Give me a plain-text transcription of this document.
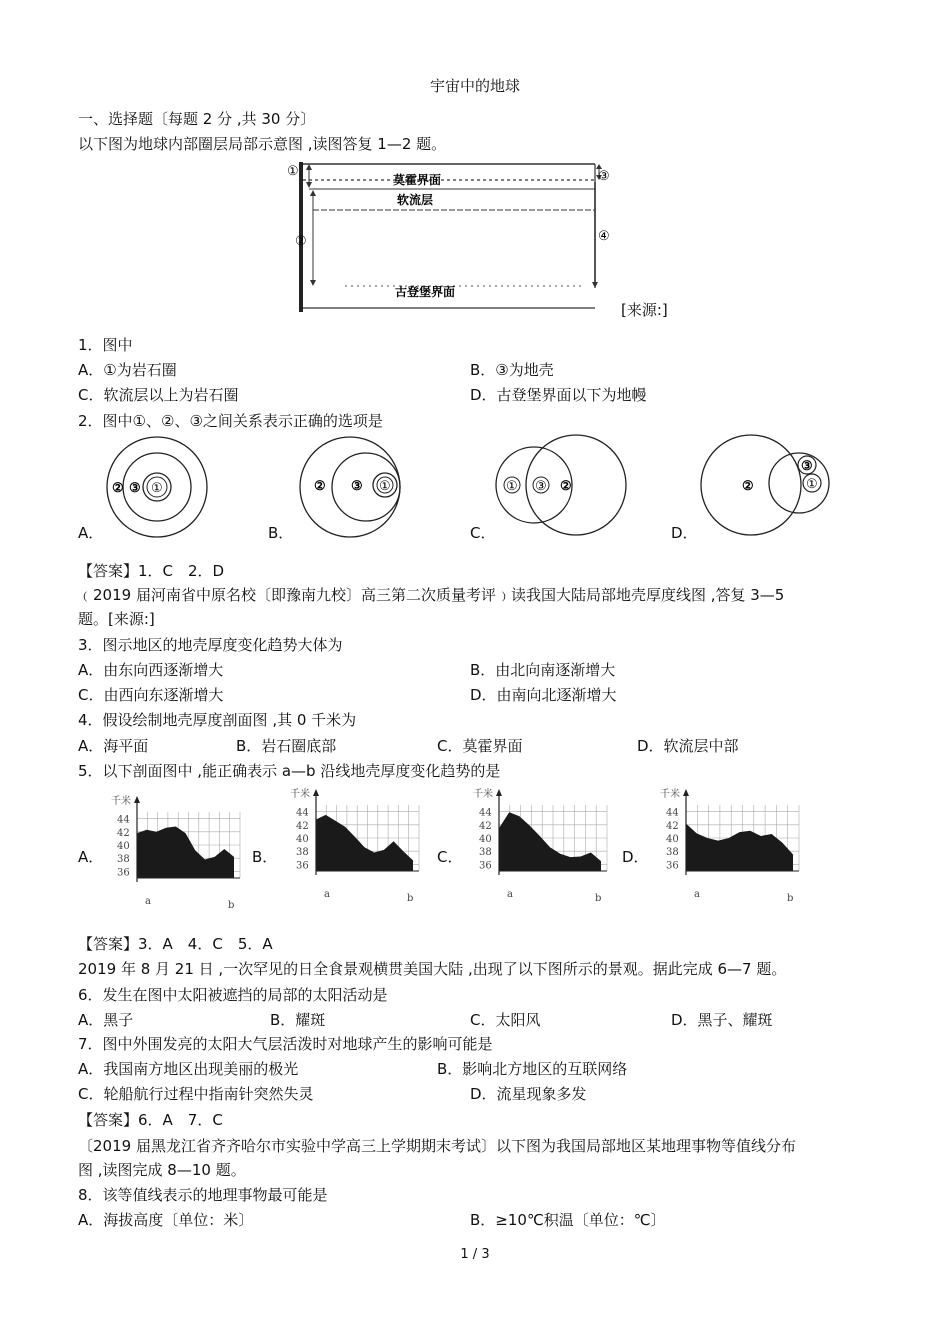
宇宙中的地球
一、选择题〔每题 2 分 ,共 30 分〕
以下图为地球内部圈层局部示意图 ,读图答复 1—2 题。
①
②
③
④
莫霍界面
软流层
古登堡界面
[来源:]
1．图中
A．①为岩石圈	B．③为地壳
C．软流层以上为岩石圈	D．古登堡界面以下为地幔
2．图中①、②、③之间关系表示正确的选项是
①
③
②	①
③
②	① ③ ②	①
③
②
A．	B．	C．	D．
【答案】1．C　2．D
﹙2019 届河南省中原名校〔即豫南九校〕高三第二次质量考评﹚读我国大陆局部地壳厚度线图 ,答复 3—5
题。[来源:]
3．图示地区的地壳厚度变化趋势大体为
A．由东向西逐渐增大	B．由北向南逐渐增大
C．由西向东逐渐增大	D．由南向北逐渐增大
4．假设绘制地壳厚度剖面图 ,其 0 千米为
A．海平面	B．岩石圈底部	C．莫霍界面	D．软流层中部
5．以下剖面图中 ,能正确表示 a—b 沿线地壳厚度变化趋势的是
A．	B．	C．	D．
千米
44
42
40
38
36
a	b
千米
44
42
40
38
36
a	b
千米
44
42
40
38
36
a	b
千米
44
42
40
38
36
a	b
【答案】3．A　4．C　5．A
2019 年 8 月 21 日 ,一次罕见的日全食景观横贯美国大陆 ,出现了以下图所示的景观。据此完成 6—7 题。
6．发生在图中太阳被遮挡的局部的太阳活动是
A．黑子	B．耀斑	C．太阳风	D．黑子、耀斑
7．图中外围发亮的太阳大气层活泼时对地球产生的影响可能是
A．我国南方地区出现美丽的极光	B．影响北方地区的互联网络
C．轮船航行过程中指南针突然失灵	D．流星现象多发
【答案】6．A　7．C
〔2019 届黑龙江省齐齐哈尔市实验中学高三上学期期末考试〕以下图为我国局部地区某地理事物等值线分布
图 ,读图完成 8—10 题。
8．该等值线表示的地理事物最可能是
A．海拔高度〔单位：米〕	B．≥10℃积温〔单位：℃〕
1 / 3
